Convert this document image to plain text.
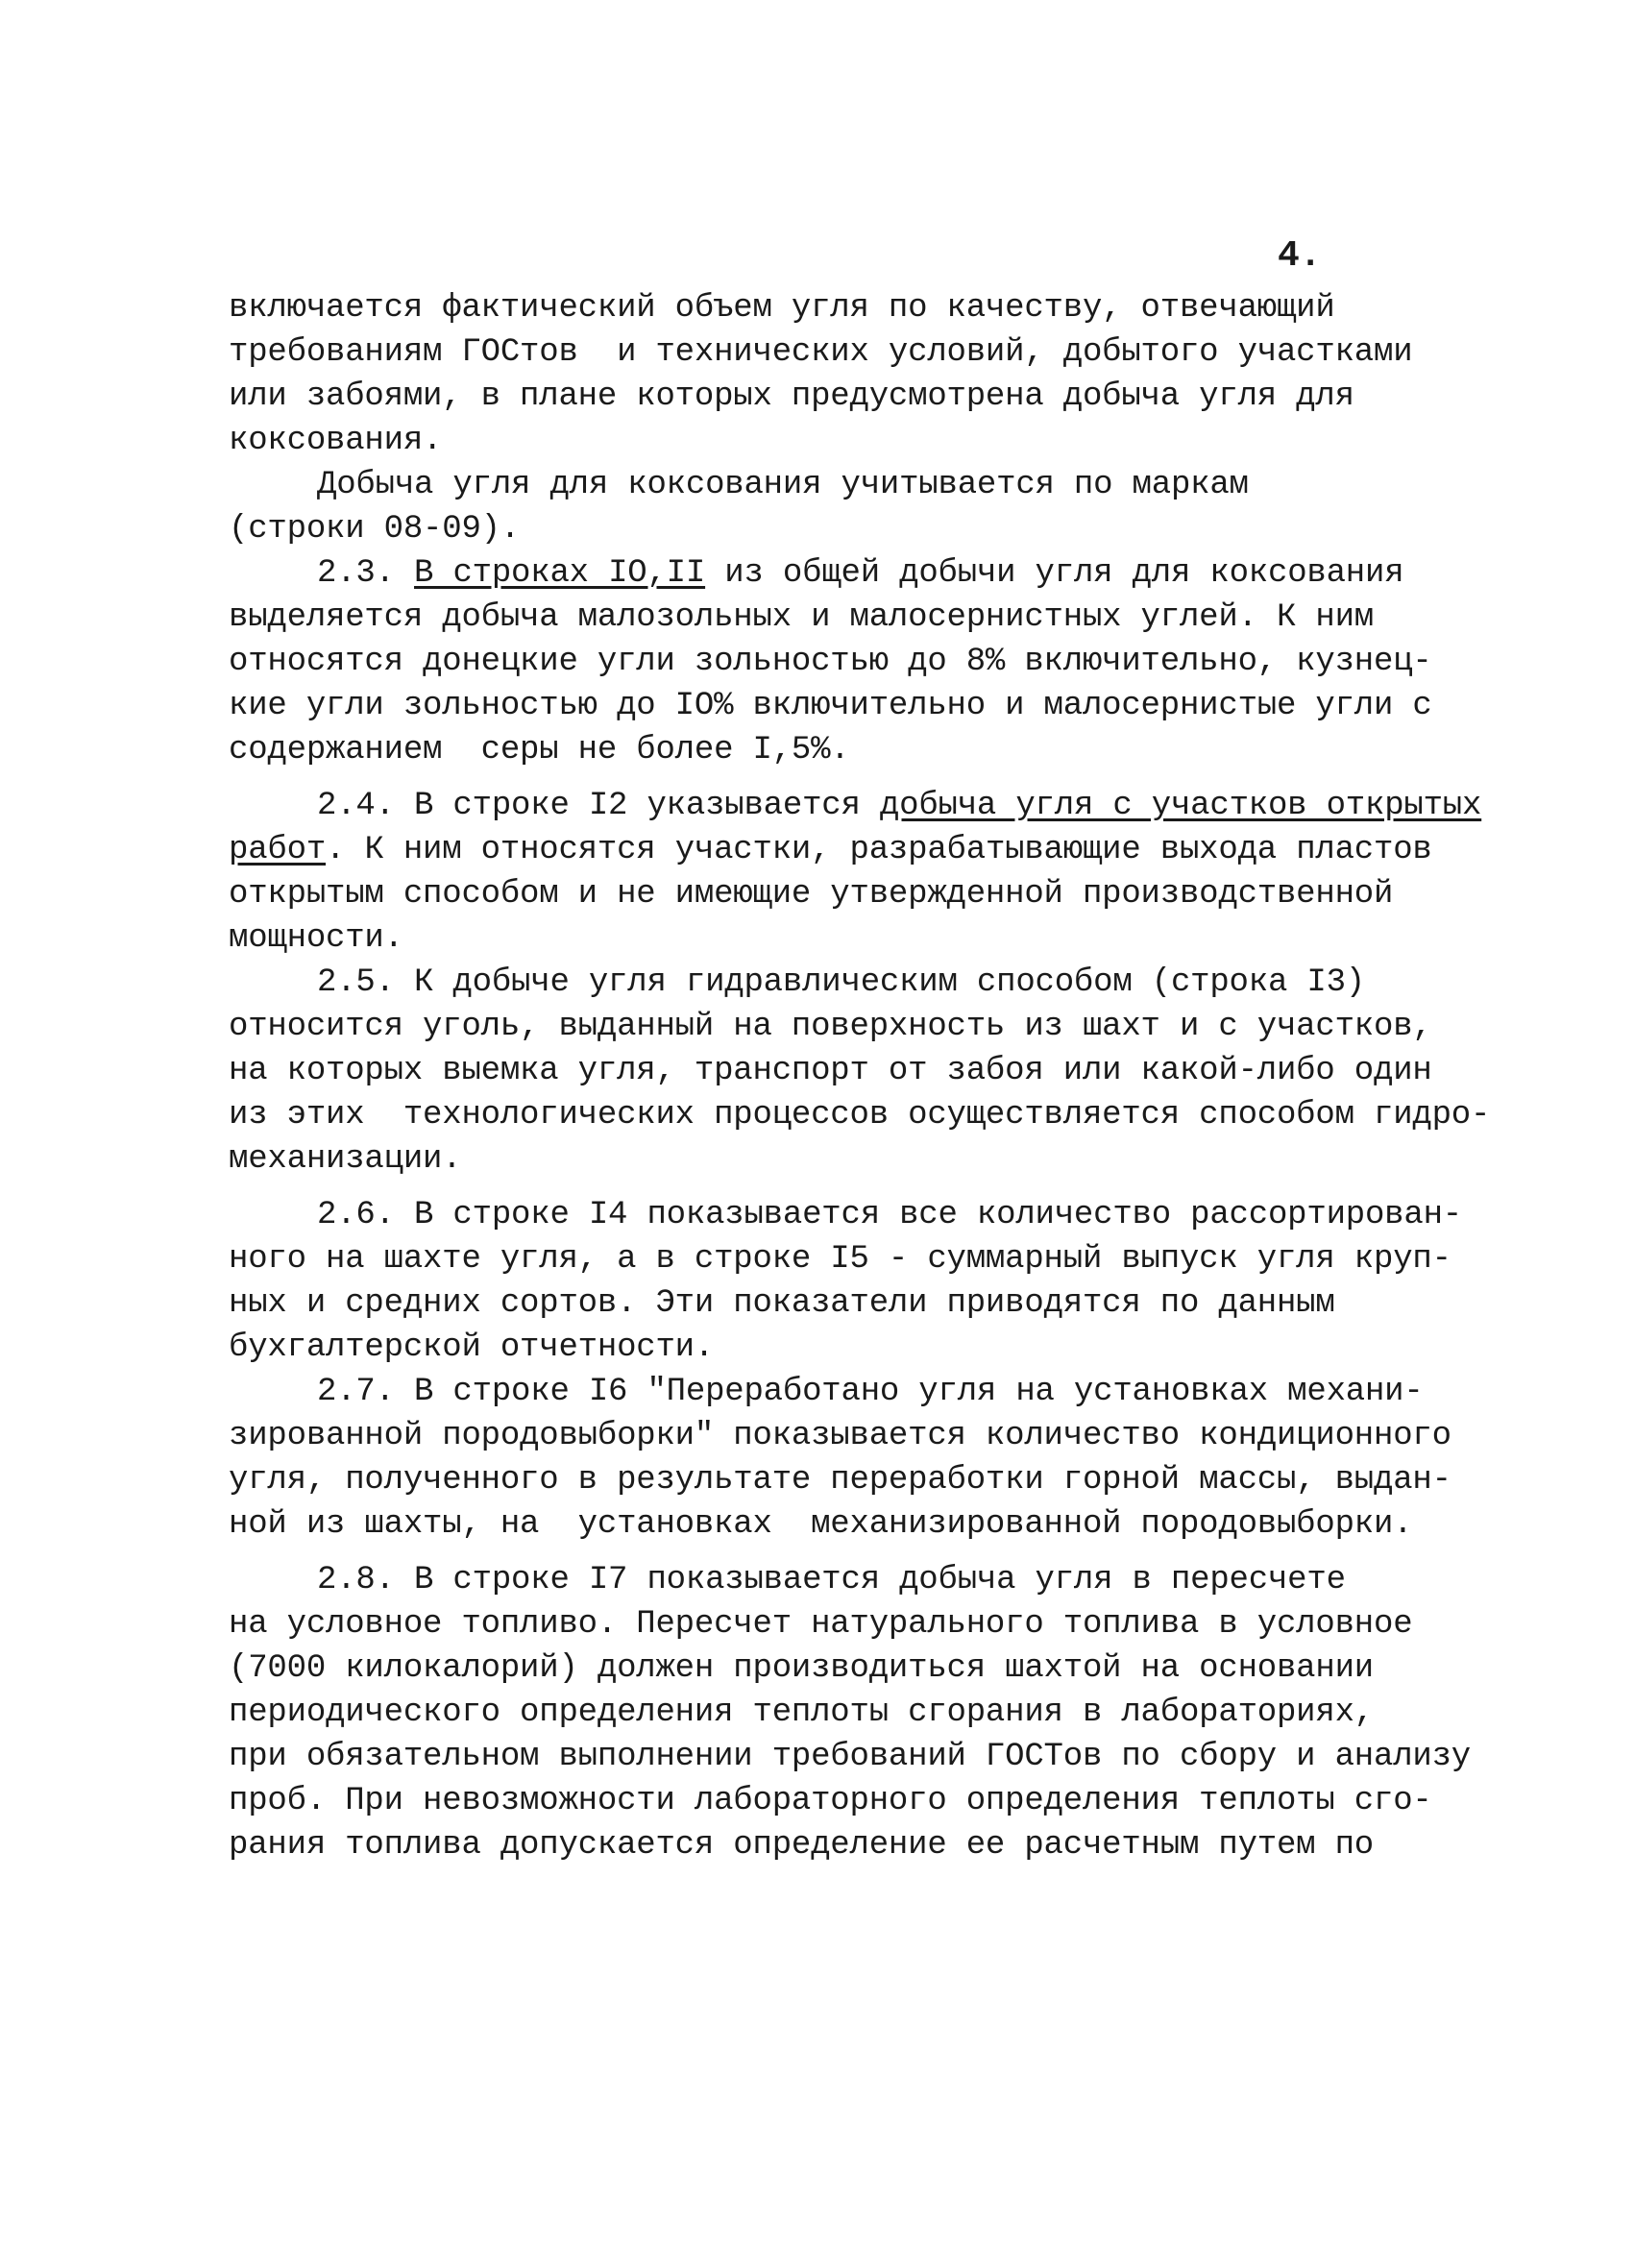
4.
включается фактический объем угля по качеству, отвечающий
требованиям ГОСтов  и технических условий, добытого участками
или забоями, в плане которых предусмотрена добыча угля для
коксования.
Добыча угля для коксования учитывается по маркам
(строки 08-09).
2.3. В строках IO,II из общей добычи угля для коксования
выделяется добыча малозольных и малосернистных углей. К ним
относятся донецкие угли зольностью до 8% включительно, кузнец-
кие угли зольностью до IO% включительно и малосернистые угли с
содержанием  серы не более I,5%.
2.4. В строке I2 указывается добыча угля с участков открытых
работ. К ним относятся участки, разрабатывающие выхода пластов
открытым способом и не имеющие утвержденной производственной
мощности.
2.5. К добыче угля гидравлическим способом (строка I3)
относится уголь, выданный на поверхность из шахт и с участков,
на которых выемка угля, транспорт от забоя или какой-либо один
из этих  технологических процессов осуществляется способом гидро-
механизации.
2.6. В строке I4 показывается все количество рассортирован-
ного на шахте угля, а в строке I5 - суммарный выпуск угля круп-
ных и средних сортов. Эти показатели приводятся по данным
бухгалтерской отчетности.
2.7. В строке I6 "Переработано угля на установках механи-
зированной породовыборки" показывается количество кондиционного
угля, полученного в результате переработки горной массы, выдан-
ной из шахты, на  установках  механизированной породовыборки.
2.8. В строке I7 показывается добыча угля в пересчете
на условное топливо. Пересчет натурального топлива в условное
(7000 килокалорий) должен производиться шахтой на основании
периодического определения теплоты сгорания в лабораториях,
при обязательном выполнении требований ГОСТов по сбору и анализу
проб. При невозможности лабораторного определения теплоты сго-
рания топлива допускается определение ее расчетным путем по
